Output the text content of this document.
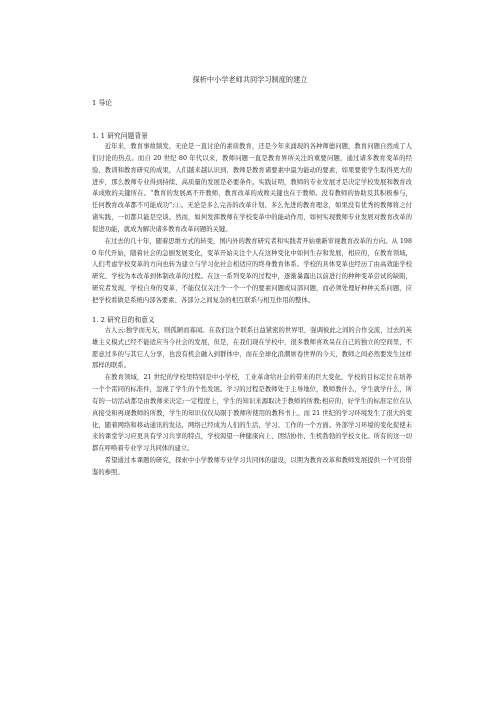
探析中小学老师共同学习制度的建立
1 导论
1. 1 研究问题背景

近年来，教育事故频发，无论是一直讨论的素质教育，还是今年来涌现的各种师德问题，教育问题自然成了人们讨论的热点。而自 20 世纪 80 年代以来，教师问题一直是教育界所关注的重要问题，通过诸多教育变革的经验、教训和教育研究的成果，人们越来越认识到，教师是教育诸要素中最为能动的要素，如果要使学生取得更大的进步，那么教师专业得到持续、高质量的发展是必要条件。实践证明，教师的专业发展才是决定学校发展和教育改革成败的关键所在。“教育的发展离不开教师，教育改革的成败关键也在于教师。没有教师的协助及其积极参与，任何教育改革都不可能成功”;①。无论是多么完善的改革计划、多么先进的教育理念，如果没有优秀的教师将之付诸实践，一切都只能是空谈。然而，如何发挥教师在学校变革中的能动作用，如何实现教师专业发展对教育改革的促进功能，就成为解决诸多教育改革问题的关键。

在过去的几十年，随着思维方式的转变，国内外的教育研究者和实践者开始重新审视教育改革的方向。从 1980 年代开始，随着社会的急剧发展变化，变革开始关注个人在这种变化中如何生存和发展，相应的，在教育领域，人们考虑学校变革的方向也转为建立与学习化社会相适应的终身教育体系。学校的具体变革也经历了由高效能学校研究、学校为本改革到体制改革的过程。在这一系列变革的过程中，逐渐暴露出以前进行的种种变革尝试的缺陷，研究者发现，学校自身的变革，不能仅仅关注个一个一个的要素问题或局部问题，而必须处理好种种关系问题，应把学校看做是系统内部各要素、各部分之间复杂的相互联系与相互作用的整体。

1. 2 研究目的和意义

古人云:独学而无友，则孤陋而寡闻。在我们这个联系日益紧密的世界里，强调彼此之间的合作交流，过去的英雄主义模式已经不能适应当今社会的发展，但是，在我们现在学校中，很多教师喜欢呆在自己的独立的空间里，不愿意过多的与其它人分享，也没有机会融入到群体中，而在全球化浪潮席卷世界的今天，教师之间必然要发生这样那样的联系。

在教育领域，21 世纪的学校里特别是中小学校，工业革命给社会的带来的巨大变化，学校的目标定位在培养一个个雷同的标准件，忽视了学生的个性发展。学习的过程是教师处于主导地位，教师教什么，学生就学什么，所有的一切活动都是由教师来决定;一定程度上，学生的知识来源取决于教师的所教;相应的，好学生的标准定位在认真接受和再现教师的所教，学生的知识仅仅局限于教师所使用的教科书上。而 21 世纪的学习环境发生了很大的变化，随着网络和移动通讯的发达，网络已经成为人们的生活、学习、工作的一个方面。外部学习环境的变化促使未来的课堂学习应更具有学习共享的特点，学校渴望一种健康向上、团结协作、生机勃勃的学校文化。所有的这一切都在呼唤着专业学习共同体的建立。

希望通过本课题的研究，探索中小学教师专业学习共同体的建设，以期为教育改革和教师发展提供一个可资借鉴的参照。
